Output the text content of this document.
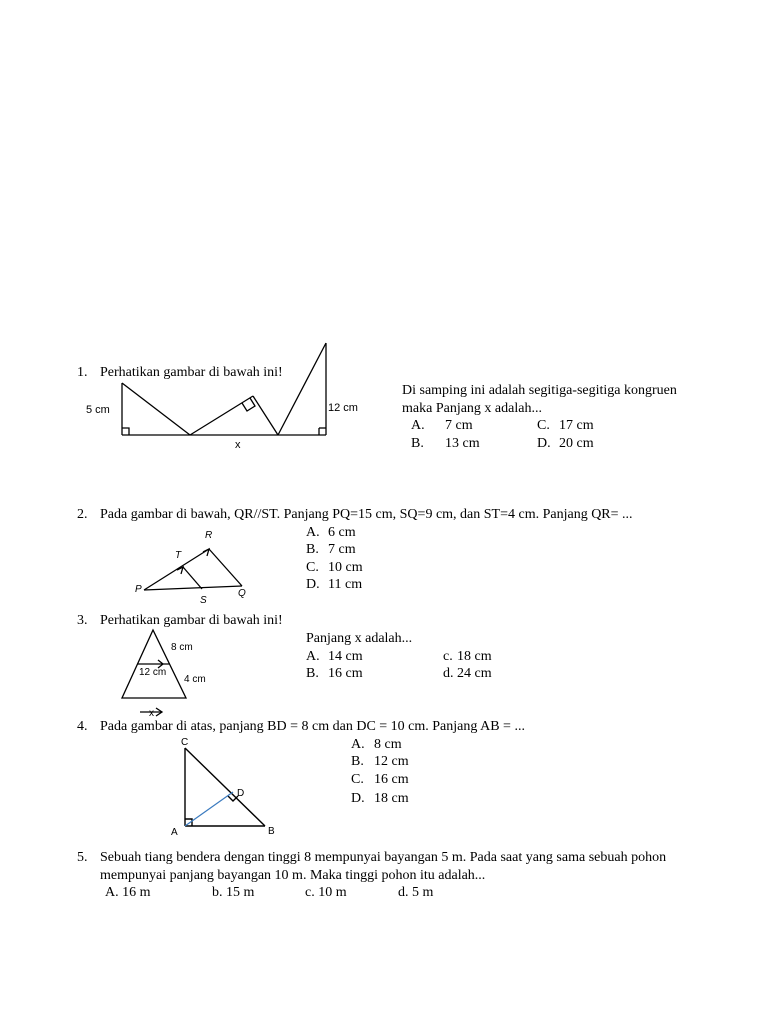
1. Perhatikan gambar di bawah ini!
5 cm	12 cm
x
Di samping ini adalah segitiga-segitiga kongruen
maka Panjang x adalah...
A. 7 cm	C. 17 cm
B. 13 cm	D. 20 cm
2. Pada gambar di bawah, QR//ST. Panjang PQ=15 cm, SQ=9 cm, dan ST=4 cm. Panjang QR= ...
R
T
P
S
Q
A. 6 cm
B. 7 cm
C. 10 cm
D. 11 cm
3. Perhatikan gambar di bawah ini!
8 cm
12 cm
4 cm
x
Panjang x adalah...
A. 14 cm	c. 18 cm
B. 16 cm	d. 24 cm
4. Pada gambar di atas, panjang BD = 8 cm dan DC = 10 cm. Panjang AB = ...
C
D
A	B
A. 8 cm
B. 12 cm
C. 16 cm
D. 18 cm
5. Sebuah tiang bendera dengan tinggi 8 mempunyai bayangan 5 m. Pada saat yang sama sebuah pohon
mempunyai panjang bayangan 10 m. Maka tinggi pohon itu adalah...
A. 16 m	b. 15 m	c. 10 m	d. 5 m
